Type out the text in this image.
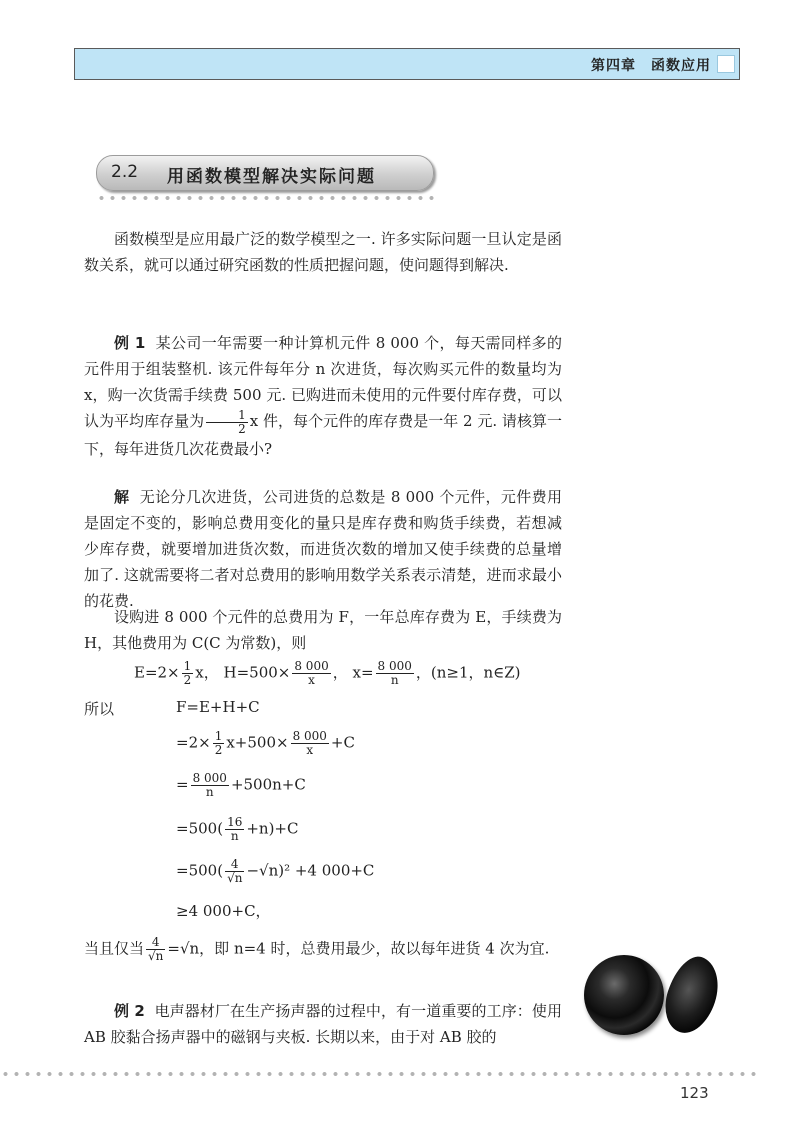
第四章　函数应用
2.2 用函数模型解决实际问题
函数模型是应用最广泛的数学模型之一. 许多实际问题一旦认定是函数关系，就可以通过研究函数的性质把握问题，使问题得到解决.
例 1 某公司一年需要一种计算机元件 8 000 个，每天需同样多的元件用于组装整机. 该元件每年分 n 次进货，每次购买元件的数量均为 x，购一次货需手续费 500 元. 已购进而未使用的元件要付库存费，可以认为平均库存量为 $\frac{1}{2}$ x 件，每个元件的库存费是一年 2 元. 请核算一下，每年进货几次花费最小?
解 无论分几次进货，公司进货的总数是 8 000 个元件，元件费用是固定不变的，影响总费用变化的量只是库存费和购货手续费，若想减少库存费，就要增加进货次数，而进货次数的增加又使手续费的总量增加了. 这就需要将二者对总费用的影响用数学关系表示清楚，进而求最小的花费.
设购进 8 000 个元件的总费用为 F，一年总库存费为 E，手续费为 H，其他费用为 C(C 为常数)，则
$E=2\times \frac{1}{2}$ x， $H=500\times \frac{8 000}{x}$ ， $x= \frac{8 000}{n}$ ，(n≥1，n∈Z)
所以	F=E+H+C
$=2\times \frac{1}{2} x+500\times \frac{8 000}{x} +C$
= $\frac{8 000}{n} +500n+C$
$=500( \frac{16}{n} +n)+C$
$=500( \frac{4}{√n} -√n)^2 +4$ 000+C
≥4 000+C，
当且仅当 $\frac{4}{√n} =√n$，即 n=4 时，总费用最少，故以每年进货 4 次为宜.
例 2 电声器材厂在生产扬声器的过程中，有一道重要的工序：使用 AB 胶黏合扬声器中的磁钢与夹板. 长期以来，由于对 AB 胶的
123
